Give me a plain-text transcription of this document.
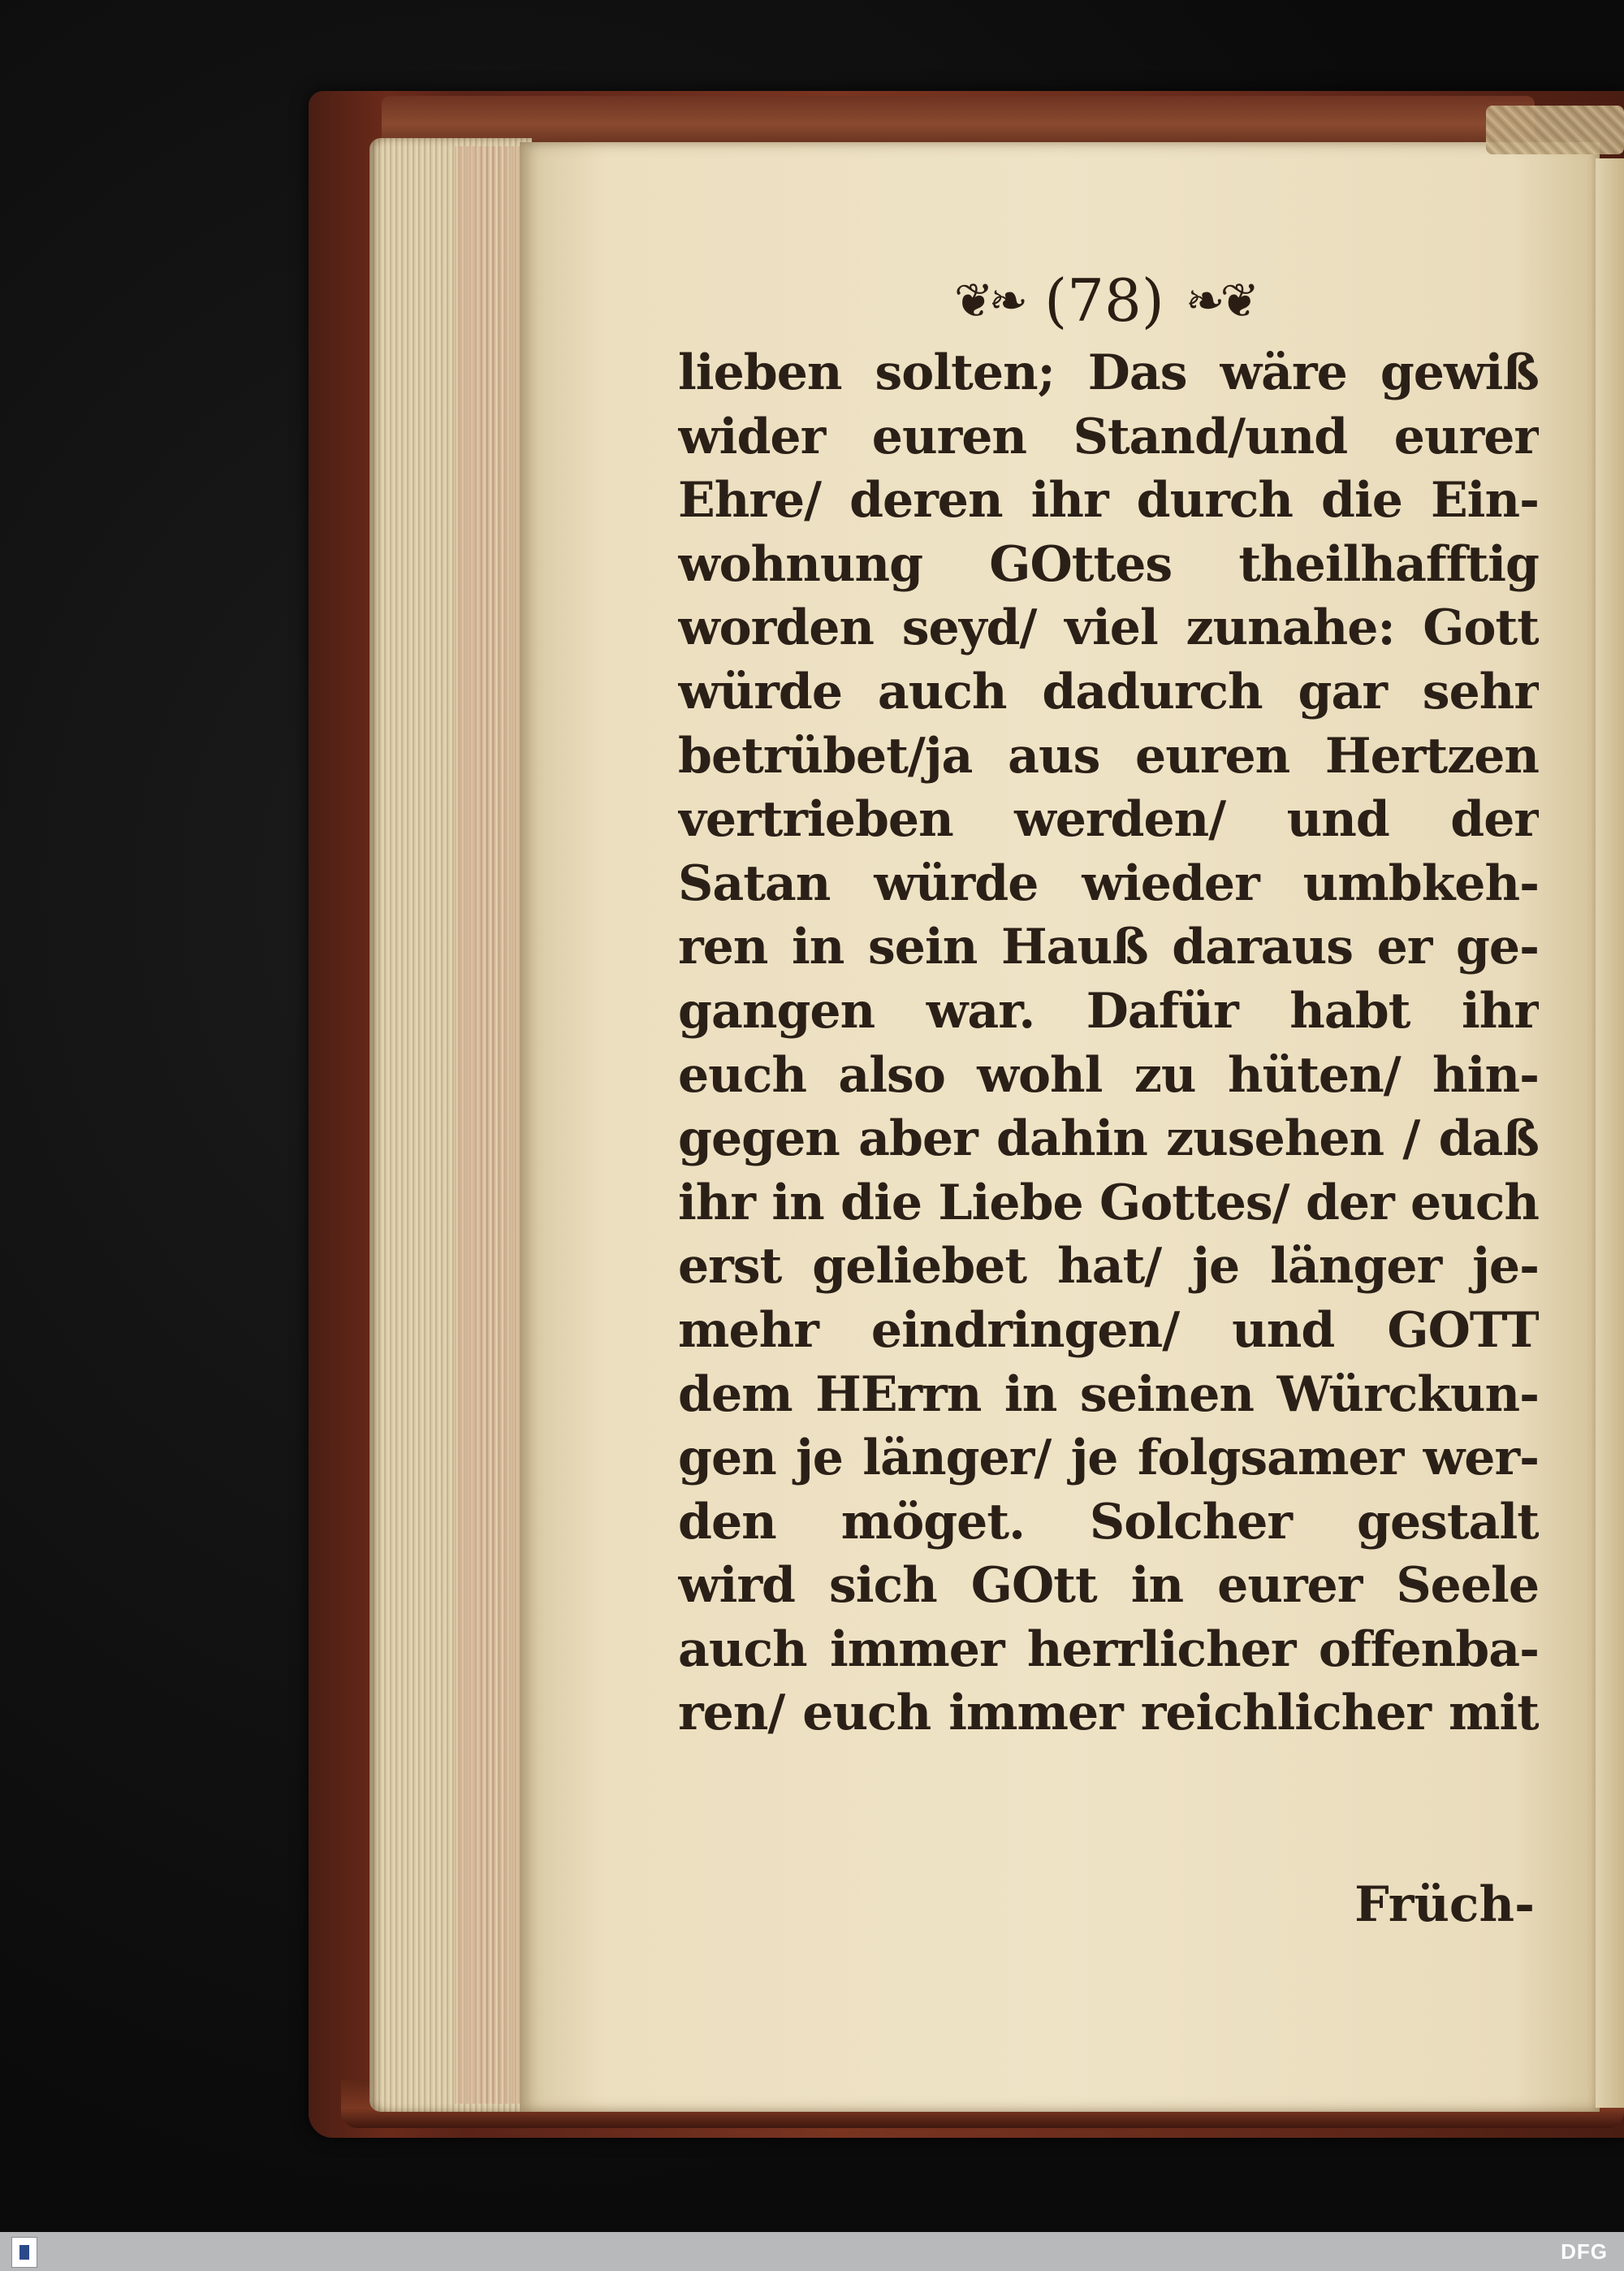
❦❧ (78) ❧❦
lieben solten; Das wäre gewiß
wider euren Stand/und eurer
Ehre/ deren ihr durch die Ein-
wohnung GOttes theilhafftig
worden seyd/ viel zunahe: Gott
würde auch dadurch gar sehr
betrübet/ja aus euren Hertzen
vertrieben werden/ und der
Satan würde wieder umbkeh-
ren in sein Hauß daraus er ge-
gangen war. Dafür habt ihr
euch also wohl zu hüten/ hin-
gegen aber dahin zusehen / daß
ihr in die Liebe Gottes/ der euch
erst geliebet hat/ je länger je-
mehr eindringen/ und GOTT
dem HErrn in seinen Würckun-
gen je länger/ je folgsamer wer-
den möget. Solcher gestalt
wird sich GOtt in eurer Seele
auch immer herrlicher offenba-
ren/ euch immer reichlicher mit
Früch-
DFG
